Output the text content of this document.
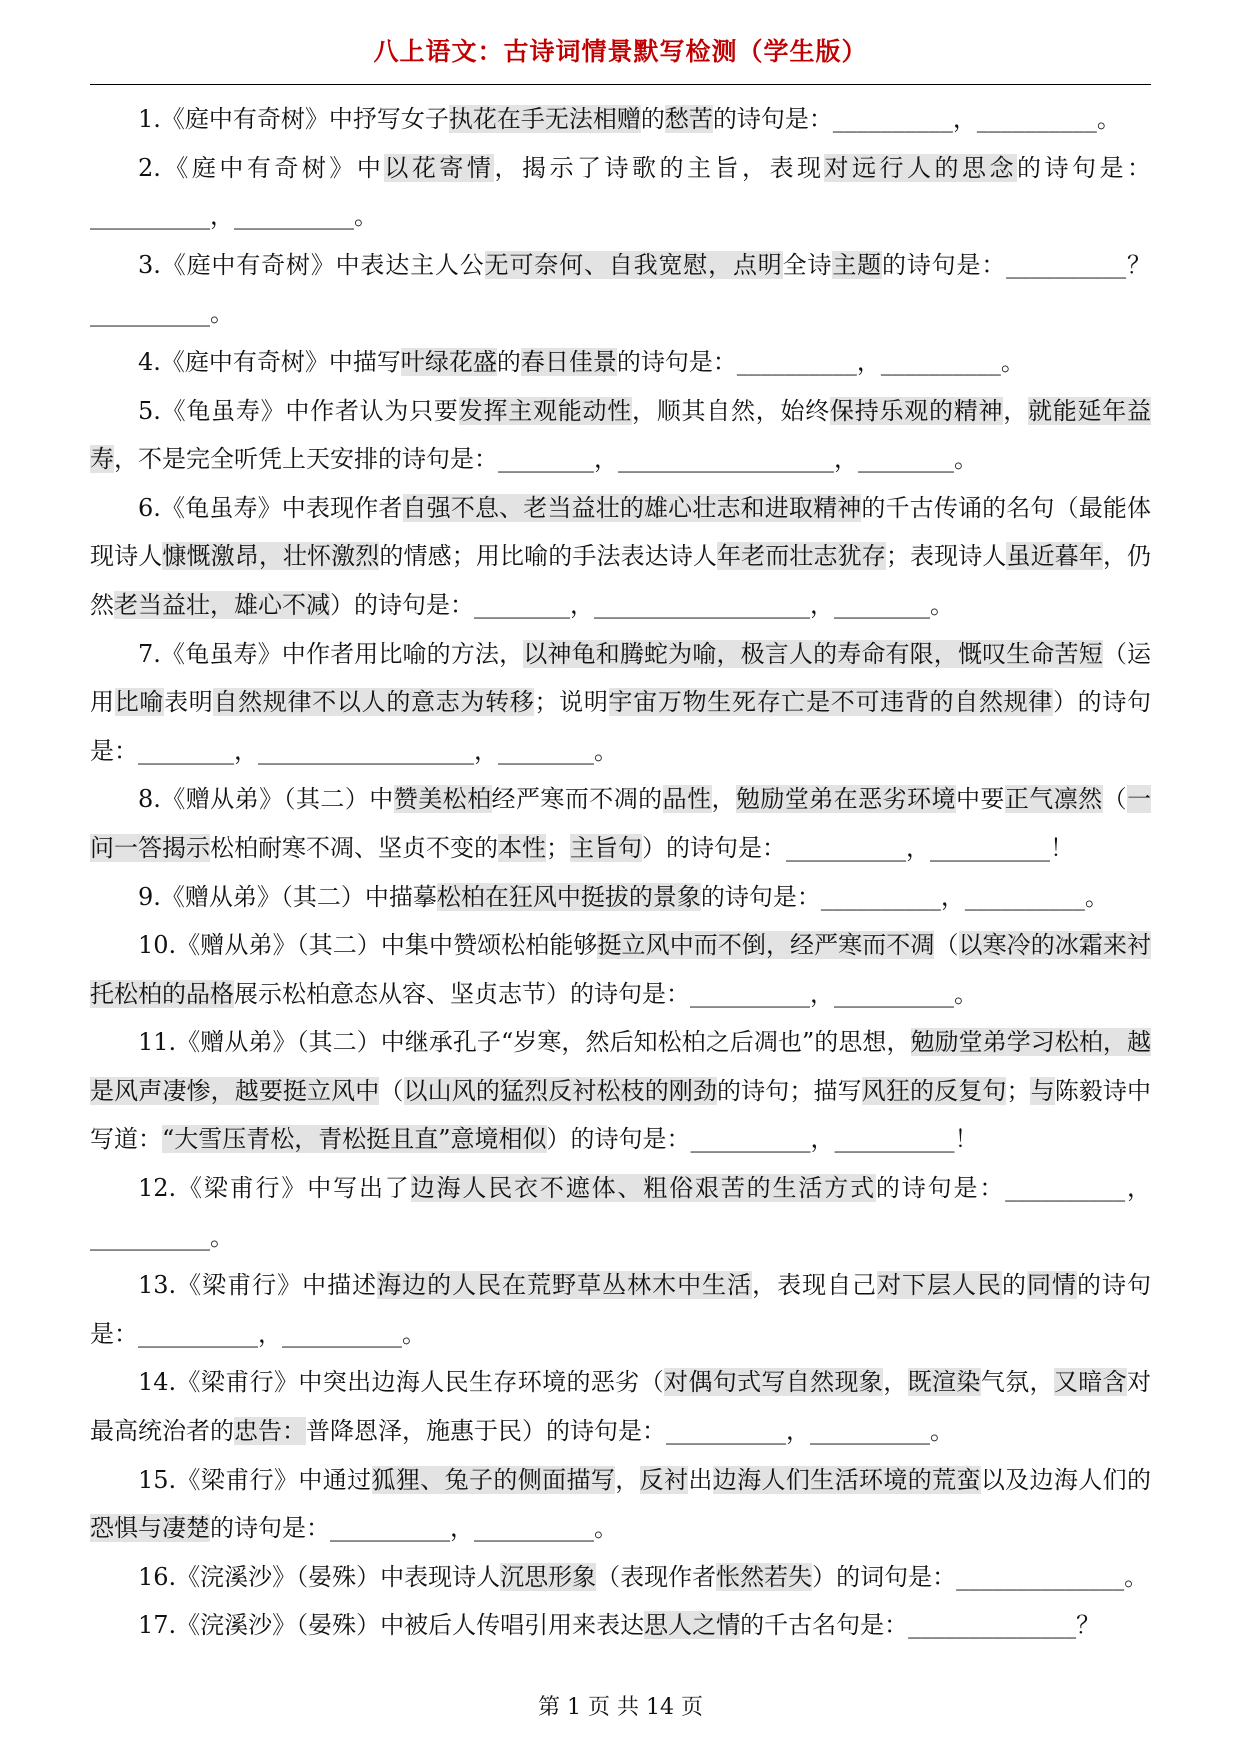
八上语文：古诗词情景默写检测（学生版）

1.《庭中有奇树》中抒写女子执花在手无法相赠的愁苦的诗句是：__________，__________。

2.《庭中有奇树》中以花寄情，揭示了诗歌的主旨，表现对远行人的思念的诗句是：__________，__________。

3.《庭中有奇树》中表达主人公无可奈何、自我宽慰，点明全诗主题的诗句是：__________？__________。

4.《庭中有奇树》中描写叶绿花盛的春日佳景的诗句是：__________，__________。

5.《龟虽寿》中作者认为只要发挥主观能动性，顺其自然，始终保持乐观的精神，就能延年益寿，不是完全听凭上天安排的诗句是：________，__________________，________。

6.《龟虽寿》中表现作者自强不息、老当益壮的雄心壮志和进取精神的千古传诵的名句（最能体现诗人慷慨激昂，壮怀激烈的情感；用比喻的手法表达诗人年老而壮志犹存；表现诗人虽近暮年，仍然老当益壮，雄心不减）的诗句是：________，__________________，________。

7.《龟虽寿》中作者用比喻的方法，以神龟和腾蛇为喻，极言人的寿命有限，慨叹生命苦短（运用比喻表明自然规律不以人的意志为转移；说明宇宙万物生死存亡是不可违背的自然规律）的诗句是：________，__________________，________。

8.《赠从弟》（其二）中赞美松柏经严寒而不凋的品性，勉励堂弟在恶劣环境中要正气凛然（一问一答揭示松柏耐寒不凋、坚贞不变的本性；主旨句）的诗句是：__________，__________！

9.《赠从弟》（其二）中描摹松柏在狂风中挺拔的景象的诗句是：__________，__________。

10.《赠从弟》（其二）中集中赞颂松柏能够挺立风中而不倒，经严寒而不凋（以寒冷的冰霜来衬托松柏的品格展示松柏意态从容、坚贞志节）的诗句是：__________，__________。

11.《赠从弟》（其二）中继承孔子“岁寒，然后知松柏之后凋也”的思想，勉励堂弟学习松柏，越是风声凄惨，越要挺立风中（以山风的猛烈反衬松枝的刚劲的诗句；描写风狂的反复句；与陈毅诗中写道：“大雪压青松，青松挺且直”意境相似）的诗句是：__________，__________！

12.《梁甫行》中写出了边海人民衣不遮体、粗俗艰苦的生活方式的诗句是：__________，__________。

13.《梁甫行》中描述海边的人民在荒野草丛林木中生活，表现自己对下层人民的同情的诗句是：__________，__________。

14.《梁甫行》中突出边海人民生存环境的恶劣（对偶句式写自然现象，既渲染气氛，又暗含对最高统治者的忠告：普降恩泽，施惠于民）的诗句是：__________，__________。

15.《梁甫行》中通过狐狸、兔子的侧面描写，反衬出边海人们生活环境的荒蛮以及边海人们的恐惧与凄楚的诗句是：__________，__________。

16.《浣溪沙》（晏殊）中表现诗人沉思形象（表现作者怅然若失）的词句是：______________。

17.《浣溪沙》（晏殊）中被后人传唱引用来表达思人之情的千古名句是：______________？

第 1 页 共 14 页
